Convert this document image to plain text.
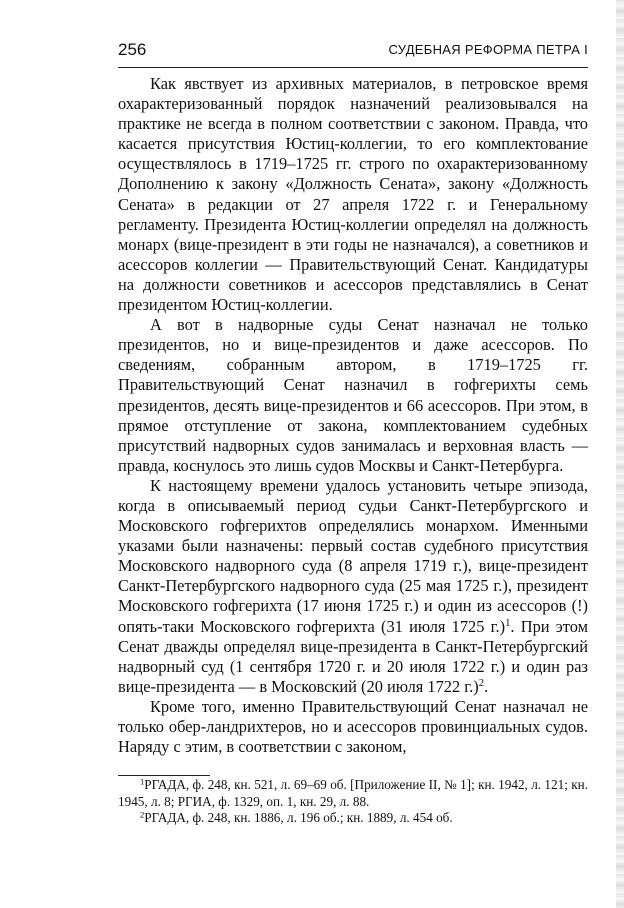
256	СУДЕБНАЯ РЕФОРМА ПЕТРА I

Как явствует из архивных материалов, в петровское время охарактеризованный порядок назначений реализовывался на практике не всегда в полном соответствии с законом. Правда, что касается присутствия Юстиц-коллегии, то его комплектование осуществлялось в 1719–1725 гг. строго по охарактеризованному Дополнению к закону «Должность Сената», закону «Должность Сената» в редакции от 27 апреля 1722 г. и Генеральному регламенту. Президента Юстиц-коллегии определял на должность монарх (вице-президент в эти годы не назначался), а советников и асессоров коллегии — Правительствующий Сенат. Кандидатуры на должности советников и асессоров представлялись в Сенат президентом Юстиц-коллегии.

А вот в надворные суды Сенат назначал не только президентов, но и вице-президентов и даже асессоров. По сведениям, собранным автором, в 1719–1725 гг. Правительствующий Сенат назначил в гофгерихты семь президентов, десять вице-президентов и 66 асессоров. При этом, в прямое отступление от закона, комплектованием судебных присутствий надворных судов занималась и верховная власть — правда, коснулось это лишь судов Москвы и Санкт-Петербурга.

К настоящему времени удалось установить четыре эпизода, когда в описываемый период судьи Санкт-Петербургского и Московского гофгерихтов определялись монархом. Именными указами были назначены: первый состав судебного присутствия Московского надворного суда (8 апреля 1719 г.), вице-президент Санкт-Петербургского надворного суда (25 мая 1725 г.), президент Московского гофгерихта (17 июня 1725 г.) и один из асессоров (!) опять-таки Московского гофгерихта (31 июля 1725 г.)$^1$. При этом Сенат дважды определял вице-президента в Санкт-Петербургский надворный суд (1 сентября 1720 г. и 20 июля 1722 г.) и один раз вице-президента — в Московский (20 июля 1722 г.)$^2$.

Кроме того, именно Правительствующий Сенат назначал не только обер-ландрихтеров, но и асессоров провинциальных судов. Наряду с этим, в соответствии с законом,

$^1$РГАДА, ф. 248, кн. 521, л. 69–69 об. [Приложение II, № 1]; кн. 1942, л. 121; кн. 1945, л. 8; РГИА, ф. 1329, оп. 1, кн. 29, л. 88.

$^2$РГАДА, ф. 248, кн. 1886, л. 196 об.; кн. 1889, л. 454 об.
